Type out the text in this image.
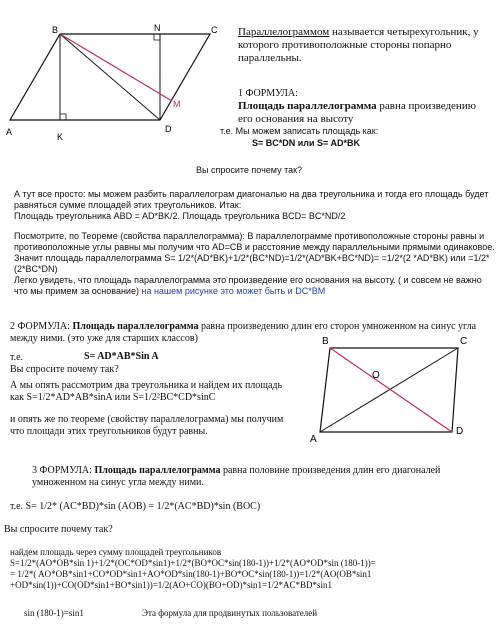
A
B	C
D
K
N
M
Параллелограммом называется четырехугольник, у которого противоположные стороны попарно параллельны.
1 ФОРМУЛА:
Площадь параллелограмма равна произведению его основания на высоту
т.е. Мы можем записать площадь как:
S= BC*DN или S= AD*BK
Вы спросите почему так?
А тут все просто: мы можем разбить параллелограм диагональю на два треугольника и тогда его площадь будет равняться сумме площадей этих треугольников. Итак:
Площадь треугольника ABD = AD*BK/2. Площадь треугольника BCD= BC*ND/2
Посмотрите, по Теореме (свойства параллелограмма): В параллелограмме противоположные стороны равны и противоположные углы равны мы получим что AD=CB и расстояние между параллельными прямыми одинаковое. Значит площадь параллелограмма S= 1/2*(AD*BK)+1/2*(BC*ND)=1/2*(AD*BK+BC*ND)= =1/2*(2 *AD*BK) или =1/2*(2*BC*DN)
Легко увидеть, что площадь параллелограмма это произведение его основания на высоту. ( и совсем не важно что мы примем за основание) на нашем рисунке это может быть и DC*BM
2 ФОРМУЛА: Площадь параллелограмма равна произведению длин его сторон умноженном на синус угла между ними. (это уже для старших классов)
т.е.	S= AD*AB*Sin A
Вы спросите почему так?
А мы опять рассмотрим два треугольника и найдем их площадь как S=1/2*AD*AB*sinA или S=1/2²BC*CD*sinC
и опять же по теореме (свойству параллелограмма) мы получим что площади этих треугольников будут равны.
A
B	C
D
O
3 ФОРМУЛА: Площадь параллелограмма равна половине произведения длин его диагоналей умноженном на синус угла между ними.
т.е. S= 1/2* (AC*BD)*sin (AOB) = 1/2*(AC*BD)*sin (BOC)
Вы спросите почему так?
найдем площадь через сумму площадей треугольников
S=1/2*(AO*OB*sin 1)+1/2*(OC*OD*sin1)+1/2*(BO*OC*sin(180-1))+1/2*(AO*OD*sin (180-1))=
= 1/2*( AO*OB*sin1+CO*OD*sin1+AO*OD*sin(180-1)+BO*OC*sin(180-1))=1/2*(AO(OB*sin1
+OD*sin(1))+CO(OD*sin1+BO*sin1))=1/2(AO+CO)(BO+OD)*sin1=1/2*AC*BD*sin1
sin (180-1)=sin1	Эта формула для продвинутых пользователей
